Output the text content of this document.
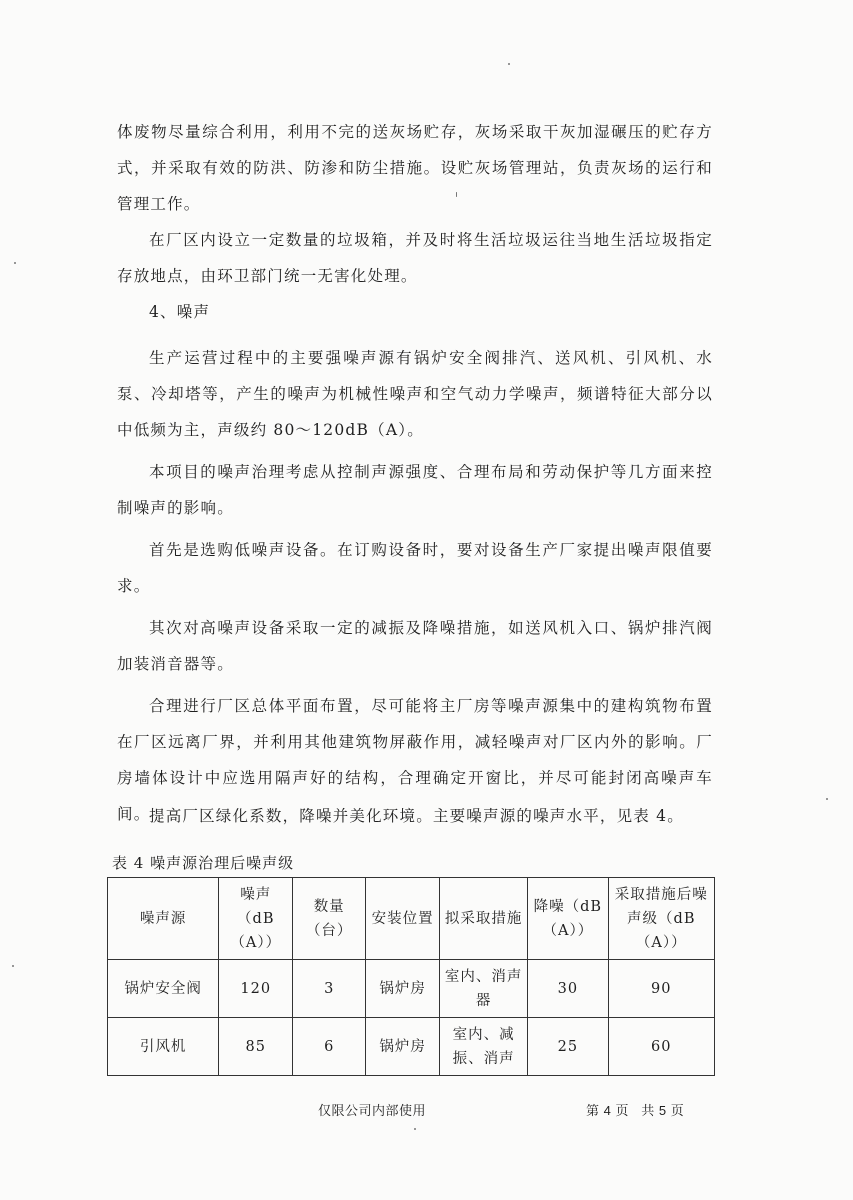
体废物尽量综合利用，利用不完的送灰场贮存，灰场采取干灰加湿碾压的贮存方式，并采取有效的防洪、防渗和防尘措施。设贮灰场管理站，负责灰场的运行和管理工作。

在厂区内设立一定数量的垃圾箱，并及时将生活垃圾运往当地生活垃圾指定存放地点，由环卫部门统一无害化处理。

4、噪声

生产运营过程中的主要强噪声源有锅炉安全阀排汽、送风机、引风机、水泵、冷却塔等，产生的噪声为机械性噪声和空气动力学噪声，频谱特征大部分以中低频为主，声级约 80～120dB（A）。

本项目的噪声治理考虑从控制声源强度、合理布局和劳动保护等几方面来控制噪声的影响。

首先是选购低噪声设备。在订购设备时，要对设备生产厂家提出噪声限值要求。

其次对高噪声设备采取一定的减振及降噪措施，如送风机入口、锅炉排汽阀加装消音器等。

合理进行厂区总体平面布置，尽可能将主厂房等噪声源集中的建构筑物布置在厂区远离厂界，并利用其他建筑物屏蔽作用，减轻噪声对厂区内外的影响。厂房墙体设计中应选用隔声好的结构，合理确定开窗比，并尽可能封闭高噪声车间。

提高厂区绿化系数，降噪并美化环境。主要噪声源的噪声水平，见表 4。

表 4 噪声源治理后噪声级

噪声源	噪声（dB（A））	数量（台）	安装位置	拟采取措施	降噪（dB（A））	采取措施后噪声级（dB（A））
锅炉安全阀	120	3	锅炉房	室内、消声器	30	90
引风机	85	6	锅炉房	室内、减振、消声	25	60
仅限公司内部使用	第 4 页   共 5 页
